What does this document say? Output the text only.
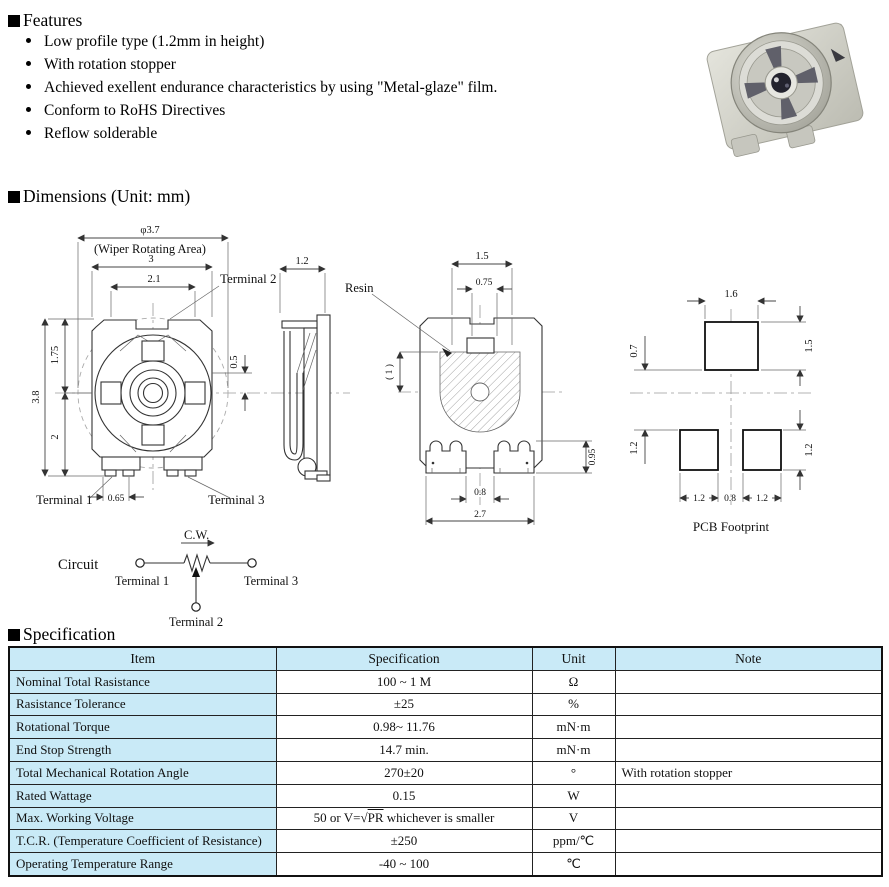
Features
Low profile type (1.2mm in height)
With rotation stopper
Achieved exellent endurance characteristics by using "Metal-glaze" film.
Conform to RoHS Directives
Reflow solderable
Dimensions (Unit: mm)
φ3.7
(Wiper Rotating Area)
3
2.1	Terminal 2
3.8
1.75
2
0.5
Terminal 1 0.65	Terminal 3
1.2
Resin
1.5
0.75
( 1 )
0.95
0.8
2.7
1.6
1.5
0.7
1.2	1.2
1.2 0.8 1.2
PCB Footprint
Circuit
C.W.
Terminal 1	Terminal 3
Terminal 2
Specification
Item	Specification	Unit	Note
Nominal Total Rasistance	100 ~ 1 M	Ω	
Rasistance Tolerance	±25	%	
Rotational Torque	0.98~ 11.76	mN·m	
End Stop Strength	14.7 min.	mN·m	
Total Mechanical Rotation Angle	270±20	°	With rotation stopper
Rated Wattage	0.15	W	
Max. Working Voltage	50 or V=√PR whichever is smaller	V	
T.C.R. (Temperature Coefficient of Resistance)	±250	ppm/℃	
Operating Temperature Range	-40 ~ 100	℃	
